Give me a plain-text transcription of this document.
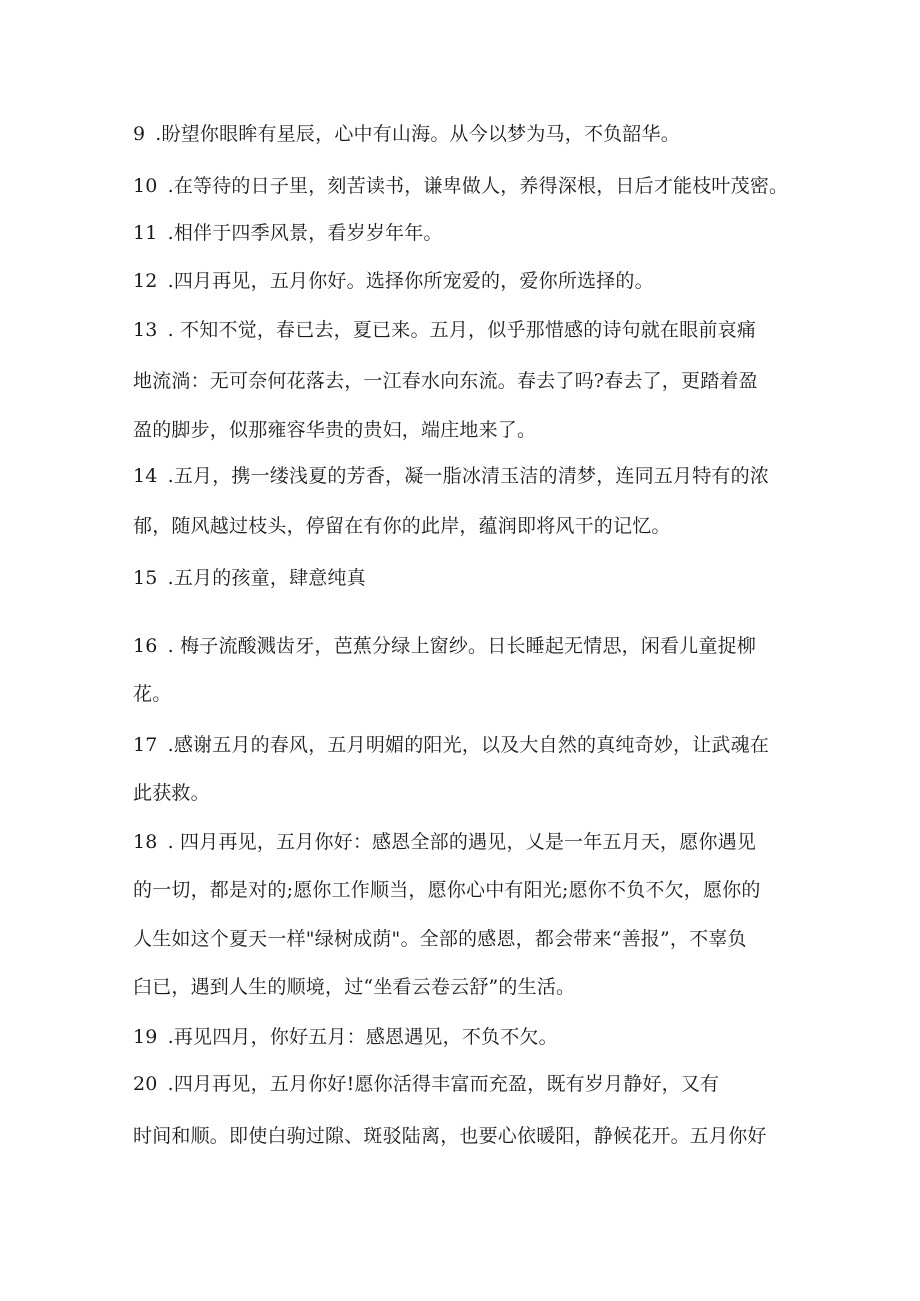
9 .盼望你眼眸有星辰，心中有山海。从今以梦为马，不负韶华。
10 .在等待的日子里，刻苦读书，谦卑做人，养得深根，日后才能枝叶茂密。
11 .相伴于四季风景，看岁岁年年。
12 .四月再见，五月你好。选择你所宠爱的，爱你所选择的。
13 . 不知不觉，春已去，夏已来。五月，似乎那惜感的诗句就在眼前哀痛
地流淌：无可奈何花落去，一江春水向东流。春去了吗?春去了，更踏着盈
盈的脚步，似那雍容华贵的贵妇，端庄地来了。
14 .五月，携一缕浅夏的芳香，凝一脂冰清玉洁的清梦，连同五月特有的浓
郁，随风越过枝头，停留在有你的此岸，蕴润即将风干的记忆。
15 .五月的孩童，肆意纯真
16 . 梅子流酸溅齿牙，芭蕉分绿上窗纱。日长睡起无情思，闲看儿童捉柳
花。
17 .感谢五月的春风，五月明媚的阳光，以及大自然的真纯奇妙，让武魂在
此获救。
18 . 四月再见，五月你好：感恩全部的遇见，乂是一年五月天，愿你遇见
的一切，都是对的;愿你工作顺当，愿你心中有阳光;愿你不负不欠，愿你的
人生如这个夏天一样"绿树成荫"。全部的感恩，都会带来“善报”，不辜负
臼已，遇到人生的顺境，过“坐看云卷云舒”的生活。
19 .再见四月，你好五月：感恩遇见，不负不欠。
20 .四月再见，五月你好!愿你活得丰富而充盈，既有岁月静好，又有
时间和顺。即使白驹过隙、斑驳陆离，也要心依暖阳，静候花开。五月你好
